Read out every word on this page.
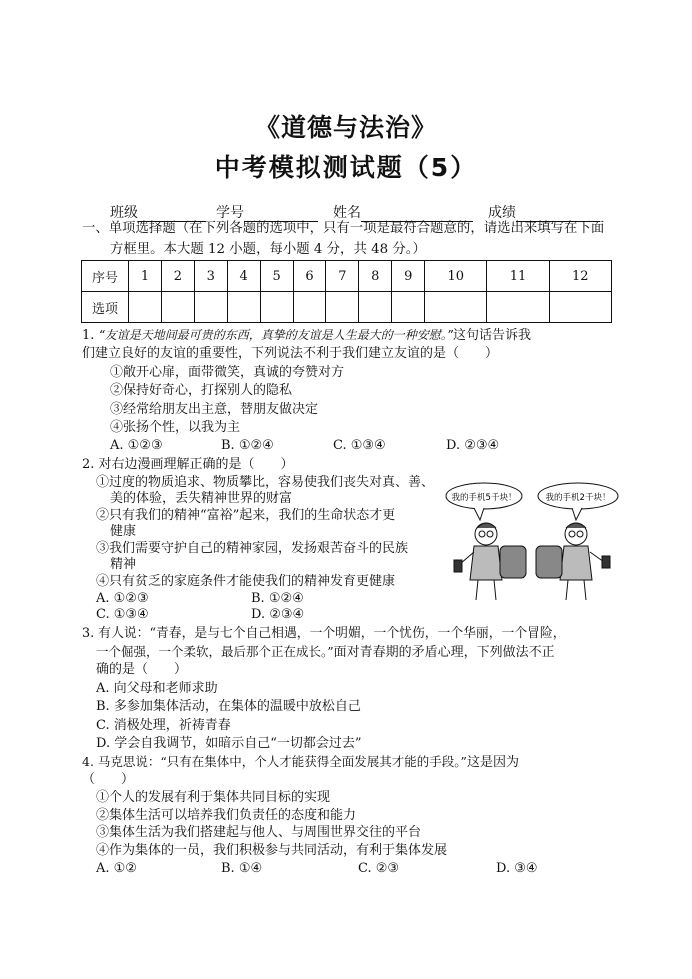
《道德与法治》
中考模拟测试题（5）
班级	学号	姓名	成绩
一、单项选择题（在下列各题的选项中，只有一项是最符合题意的，请选出来填写在下面
方框里。本大题 12 小题，每小题 4 分，共 48 分。）
序号	1	2	3	4	5	6	7	8	9	10	11	12
选项												
1. “友谊是天地间最可贵的东西，真挚的友谊是人生最大的一种安慰。”这句话告诉我
们建立良好的友谊的重要性，下列说法不利于我们建立友谊的是（　　）
①敞开心扉，面带微笑，真诚的夸赞对方
②保持好奇心，打探别人的隐私
③经常给朋友出主意，替朋友做决定
④张扬个性，以我为主
A. ①②③	B. ①②④	C. ①③④	D. ②③④
2. 对右边漫画理解正确的是（　　）
①过度的物质追求、物质攀比，容易使我们丧失对真、善、
美的体验，丢失精神世界的财富
②只有我们的精神“富裕”起来，我们的生命状态才更
健康
③我们需要守护自己的精神家园，发扬艰苦奋斗的民族
精神
④只有贫乏的家庭条件才能使我们的精神发育更健康
A. ①②③	B. ①②④
C. ①③④	D. ②③④
我的手机5千块！	我的手机2千块！
3. 有人说：“青春，是与七个自己相遇，一个明媚，一个忧伤，一个华丽，一个冒险，
一个倔强，一个柔软，最后那个正在成长。”面对青春期的矛盾心理，下列做法不正
确的是（　　）
A. 向父母和老师求助
B. 多参加集体活动，在集体的温暖中放松自己
C. 消极处理，祈祷青春
D. 学会自我调节，如暗示自己“一切都会过去”
4. 马克思说：“只有在集体中，个人才能获得全面发展其才能的手段。”这是因为
（　　）
①个人的发展有利于集体共同目标的实现
②集体生活可以培养我们负责任的态度和能力
③集体生活为我们搭建起与他人、与周围世界交往的平台
④作为集体的一员，我们积极参与共同活动，有利于集体发展
A. ①②	B. ①④	C. ②③	D. ③④
